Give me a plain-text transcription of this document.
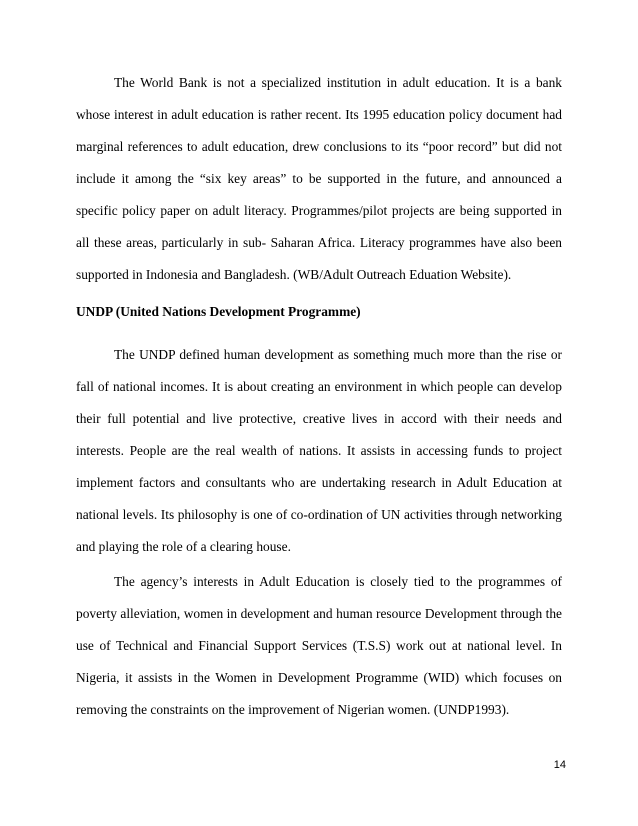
The World Bank is not a specialized institution in adult education. It is a bank whose interest in adult education is rather recent. Its 1995 education policy document had marginal references to adult education, drew conclusions to its “poor record” but did not include it among the “six key areas” to be supported in the future, and announced a specific policy paper on adult literacy. Programmes/pilot projects are being supported in all these areas, particularly in sub- Saharan Africa. Literacy programmes have also been supported in Indonesia and Bangladesh. (WB/Adult Outreach Eduation Website).

UNDP (United Nations Development Programme)

The UNDP defined human development as something much more than the rise or fall of national incomes. It is about creating an environment in which people can develop their full potential and live protective, creative lives in accord with their needs and interests. People are the real wealth of nations. It assists in accessing funds to project implement factors and consultants who are undertaking research in Adult Education at national levels. Its philosophy is one of co-ordination of UN activities through networking and playing the role of a clearing house.

The agency’s interests in Adult Education is closely tied to the programmes of poverty alleviation, women in development and human resource Development through the use of Technical and Financial Support Services (T.S.S) work out at national level. In Nigeria, it assists in the Women in Development Programme (WID) which focuses on removing the constraints on the improvement of Nigerian women. (UNDP1993).

14
